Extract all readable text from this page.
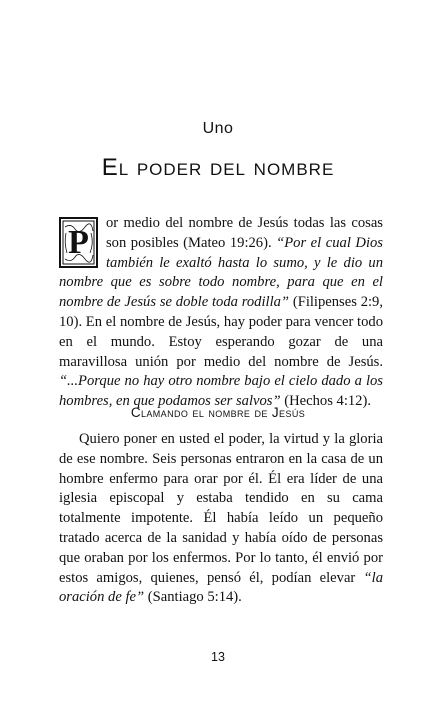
Uno
El poder del nombre
P
or medio del nombre de Jesús todas las cosas son posibles (Mateo 19:26). “Por el cual Dios también le exaltó hasta lo sumo, y le dio un nombre que es sobre todo nombre, para que en el nombre de Jesús se doble toda rodilla” (Filipenses 2:9, 10). En el nombre de Jesús, hay poder para vencer todo en el mundo. Estoy esperando gozar de una maravillosa unión por medio del nombre de Jesús. “...Porque no hay otro nombre bajo el cielo dado a los hombres, en que podamos ser salvos” (Hechos 4:12).
Clamando el nombre de Jesús
Quiero poner en usted el poder, la virtud y la gloria de ese nombre. Seis personas entraron en la casa de un hombre enfermo para orar por él. Él era líder de una iglesia episcopal y estaba tendido en su cama totalmente impotente. Él había leído un pequeño tratado acerca de la sanidad y había oído de personas que oraban por los enfermos. Por lo tanto, él envió por estos amigos, quienes, pensó él, podían elevar “la oración de fe” (Santiago 5:14).
13
